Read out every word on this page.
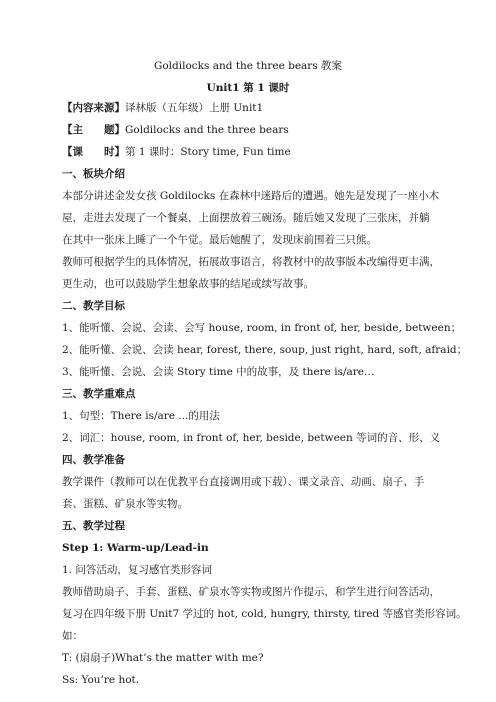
Goldilocks and the three bears 教案
Unit1 第 1 课时
【内容来源】译林版（五年级）上册 Unit1
【主　　题】Goldilocks and the three bears
【课　　时】第 1 课时：Story time, Fun time
一、板块介绍
本部分讲述金发女孩 Goldilocks 在森林中迷路后的遭遇。她先是发现了一座小木
屋，走进去发现了一个餐桌，上面摆放着三碗汤。随后她又发现了三张床，并躺
在其中一张床上睡了一个午觉。最后她醒了，发现床前围着三只熊。
教师可根据学生的具体情况，拓展故事语言，将教材中的故事版本改编得更丰满，
更生动，也可以鼓励学生想象故事的结尾或续写故事。
二、教学目标
1、能听懂、会说、会读、会写 house, room, in front of, her, beside, between；
2、能听懂、会说、会读 hear, forest, there, soup, just right, hard, soft, afraid；
3、能听懂、会说、会读 Story time 中的故事，及 there is/are…
三、教学重难点
1、句型：There is/are ...的用法
2、词汇：house, room, in front of, her, beside, between 等词的音、形、义
四、教学准备
教学课件（教师可以在优教平台直接调用或下载）、课文录音、动画、扇子、手
套、蛋糕、矿泉水等实物。
五、教学过程
Step 1: Warm-up/Lead-in
1. 问答活动，复习感官类形容词
教师借助扇子、手套、蛋糕、矿泉水等实物或图片作提示，和学生进行问答活动，
复习在四年级下册 Unit7 学过的 hot, cold, hungry, thirsty, tired 等感官类形容词。
如：
T: (扇扇子)What’s the matter with me?
Ss: You’re hot.
